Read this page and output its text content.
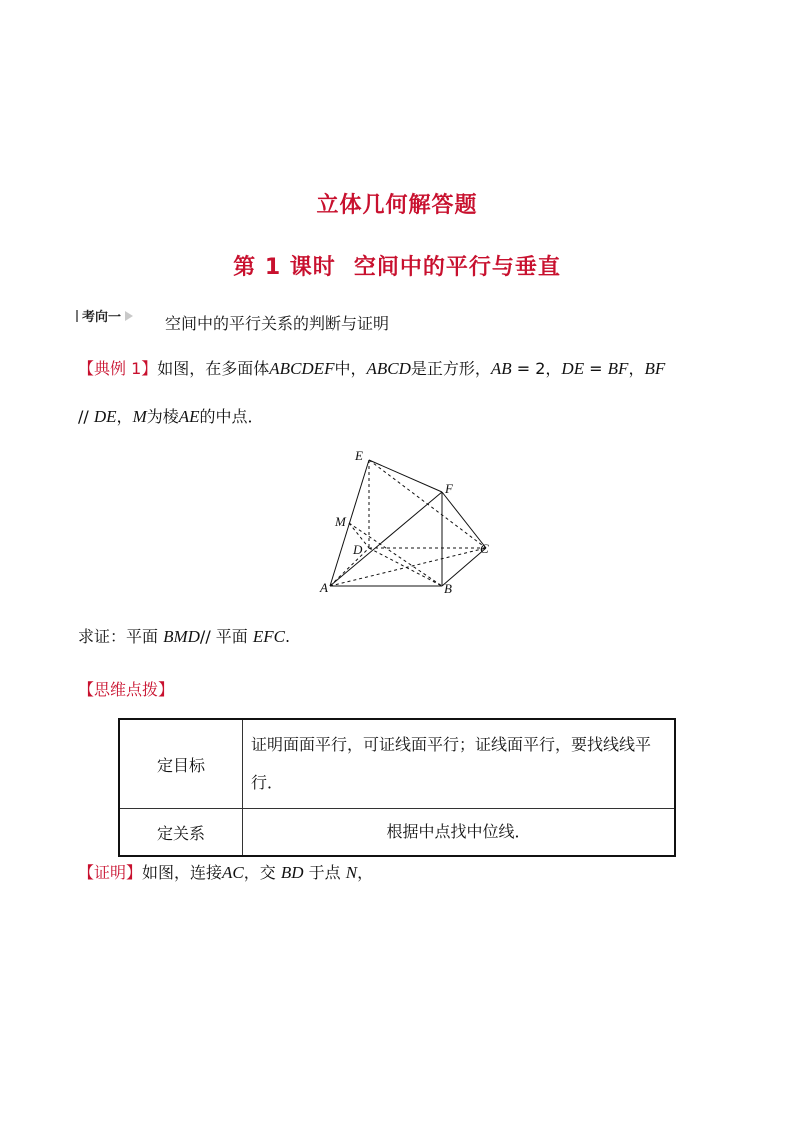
立体几何解答题
第 1 课时 空间中的平行与垂直
考向一	空间中的平行关系的判断与证明
【典例 1】如图，在多面体ABCDEF中，ABCD是正方形，AB = 2，DE = BF，BF
// DE，M为棱AE的中点．
A	B
C
D
E
F
M
求证：平面 BMD// 平面 EFC.
【思维点拨】
定目标	证明面面平行，可证线面平行；证线面平行，要找线线平行．
定关系	根据中点找中位线．
【证明】如图，连接AC，交 BD 于点 N，
